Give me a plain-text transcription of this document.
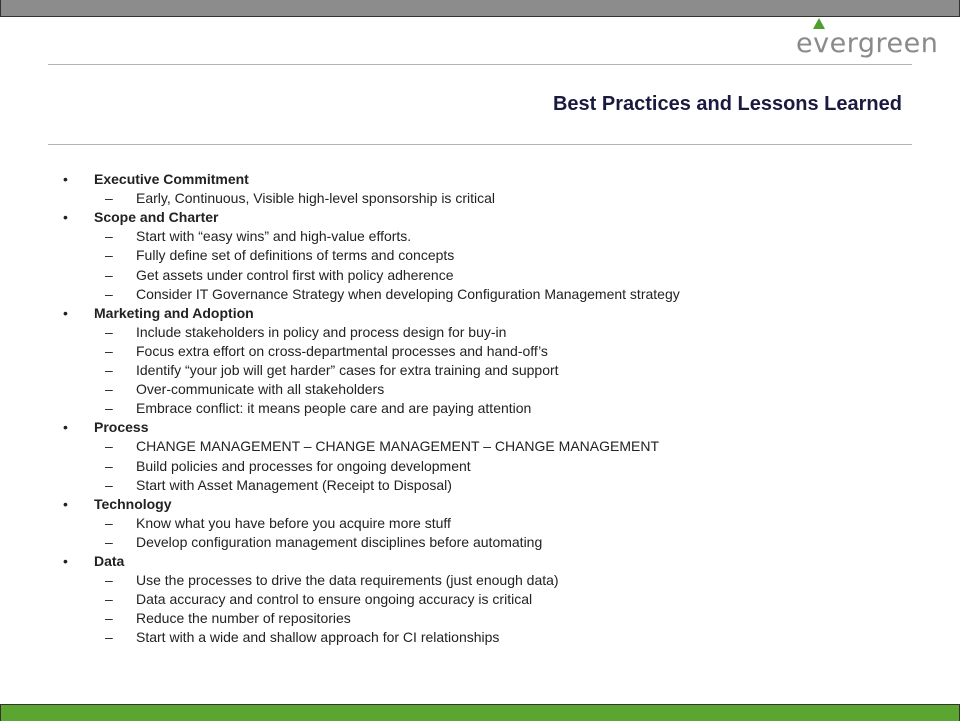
evergreen
Best Practices and Lessons Learned
• Executive Commitment
– Early, Continuous, Visible high-level sponsorship is critical
• Scope and Charter
– Start with “easy wins” and high-value efforts.
– Fully define set of definitions of terms and concepts
– Get assets under control first with policy adherence
– Consider IT Governance Strategy when developing Configuration Management strategy
• Marketing and Adoption
– Include stakeholders in policy and process design for buy-in
– Focus extra effort on cross-departmental processes and hand-off’s
– Identify “your job will get harder” cases for extra training and support
– Over-communicate with all stakeholders
– Embrace conflict: it means people care and are paying attention
• Process
– CHANGE MANAGEMENT – CHANGE MANAGEMENT – CHANGE MANAGEMENT
– Build policies and processes for ongoing development
– Start with Asset Management (Receipt to Disposal)
• Technology
– Know what you have before you acquire more stuff
– Develop configuration management disciplines before automating
• Data
– Use the processes to drive the data requirements (just enough data)
– Data accuracy and control to ensure ongoing accuracy is critical
– Reduce the number of repositories
– Start with a wide and shallow approach for CI relationships
